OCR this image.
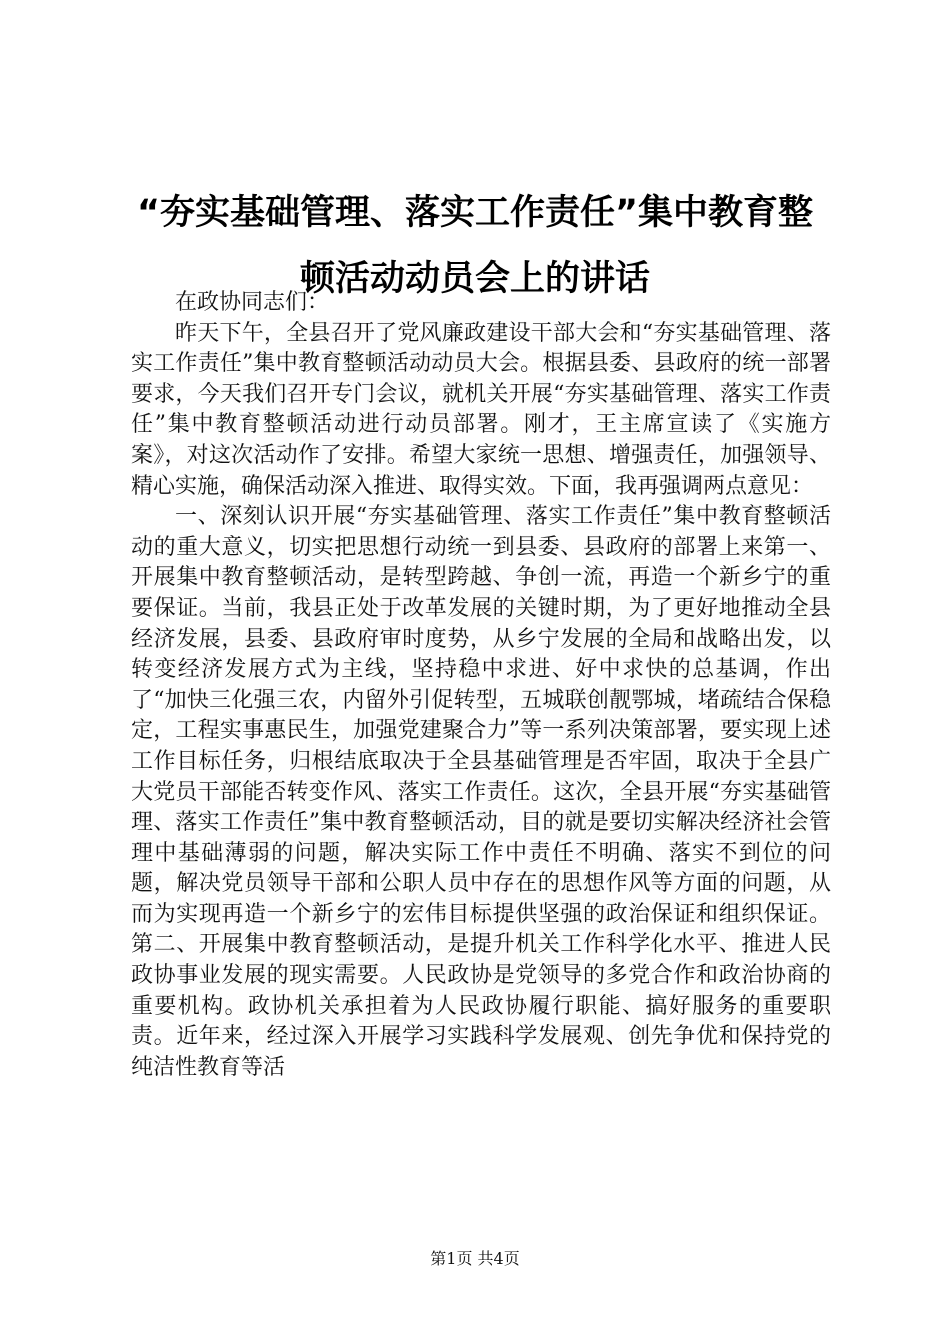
“夯实基础管理、落实工作责任”集中教育整
顿活动动员会上的讲话

在政协同志们：

昨天下午，全县召开了党风廉政建设干部大会和“夯实基础管理、落实工作责任”集中教育整顿活动动员大会。根据县委、县政府的统一部署要求，今天我们召开专门会议，就机关开展“夯实基础管理、落实工作责任”集中教育整顿活动进行动员部署。刚才，王主席宣读了《实施方案》，对这次活动作了安排。希望大家统一思想、增强责任，加强领导、精心实施，确保活动深入推进、取得实效。下面，我再强调两点意见：

一、深刻认识开展“夯实基础管理、落实工作责任”集中教育整顿活动的重大意义，切实把思想行动统一到县委、县政府的部署上来第一、开展集中教育整顿活动，是转型跨越、争创一流，再造一个新乡宁的重要保证。当前，我县正处于改革发展的关键时期，为了更好地推动全县经济发展，县委、县政府审时度势，从乡宁发展的全局和战略出发，以转变经济发展方式为主线，坚持稳中求进、好中求快的总基调，作出了“加快三化强三农，内留外引促转型，五城联创靓鄂城，堵疏结合保稳定，工程实事惠民生，加强党建聚合力”等一系列决策部署，要实现上述工作目标任务，归根结底取决于全县基础管理是否牢固，取决于全县广大党员干部能否转变作风、落实工作责任。这次，全县开展“夯实基础管理、落实工作责任”集中教育整顿活动，目的就是要切实解决经济社会管理中基础薄弱的问题，解决实际工作中责任不明确、落实不到位的问题，解决党员领导干部和公职人员中存在的思想作风等方面的问题，从而为实现再造一个新乡宁的宏伟目标提供坚强的政治保证和组织保证。第二、开展集中教育整顿活动，是提升机关工作科学化水平、推进人民政协事业发展的现实需要。人民政协是党领导的多党合作和政治协商的重要机构。政协机关承担着为人民政协履行职能、搞好服务的重要职责。近年来，经过深入开展学习实践科学发展观、创先争优和保持党的纯洁性教育等活

第1页 共4页
